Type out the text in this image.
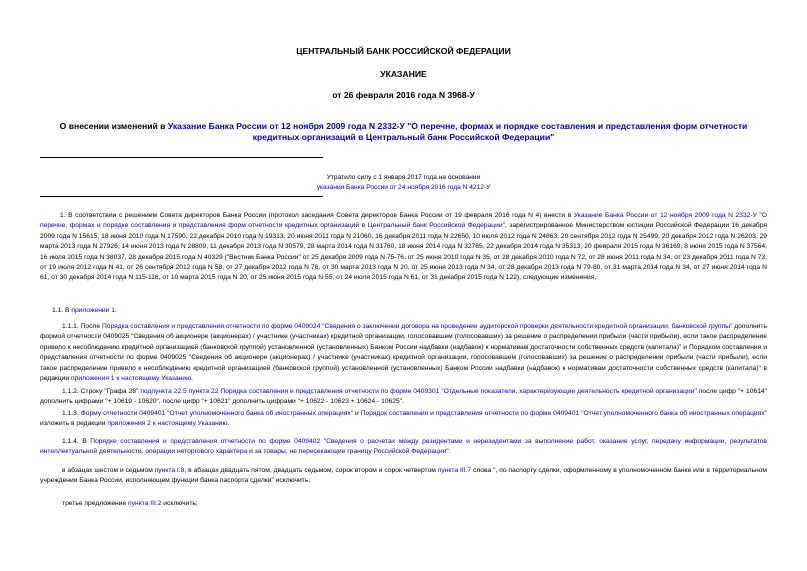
ЦЕНТРАЛЬНЫЙ БАНК РОССИЙСКОЙ ФЕДЕРАЦИИ
УКАЗАНИЕ
от 26 февраля 2016 года N 3968-У
О внесении изменений в Указание Банка России от 12 ноября 2009 года N 2332-У "О перечне, формах и порядке составления и представления форм отчетности кредитных организаций в Центральный банк Российской Федерации"
Утратило силу с 1 января 2017 года на основании
указания Банка России от 24 ноября 2016 года N 4212-У
1. В соответствии с решением Совета директоров Банка России (протокол заседания Совета директоров Банка России от 19 февраля 2016 года N 4) внести в Указание Банка России от 12 ноября 2009 года N 2332-У "О перечне, формах и порядке составления и представления форм отчетности кредитных организаций в Центральный банк Российской Федерации", зарегистрированное Министерством юстиции Российской Федерации 16 декабря 2009 года N 15615, 18 июня 2010 года N 17590, 22 декабря 2010 года N 19313, 20 июня 2011 года N 21060, 16 декабря 2011 года N 22650, 10 июля 2012 года N 24863, 20 сентября 2012 года N 25499, 20 декабря 2012 года N 26203, 29 марта 2013 года N 27926, 14 июня 2013 года N 28809, 11 декабря 2013 года N 30579, 28 марта 2014 года N 31760, 18 июня 2014 года N 32765, 22 декабря 2014 года N 35313, 20 февраля 2015 года N 36169, 8 июня 2015 года N 37564, 16 июля 2015 года N 38037, 28 декабря 2015 года N 40329 ("Вестник Банка России" от 25 декабря 2009 года N 75-76, от 25 июня 2010 года N 35, от 28 декабря 2010 года N 72, от 28 июня 2011 года N 34, от 23 декабря 2011 года N 73, от 19 июля 2012 года N 41, от 26 сентября 2012 года N 58, от 27 декабря 2012 года N 76, от 30 марта 2013 года N 20, от 25 июня 2013 года N 34, от 28 декабря 2013 года N 79-80, от 31 марта 2014 года N 34, от 27 июня 2014 года N 61, от 30 декабря 2014 года N 115-116, от 10 марта 2015 года N 20, от 25 июня 2015 года N 55, от 24 июля 2015 года N 61, от 31 декабря 2015 года N 122), следующие изменения.
1.1. В приложении 1:
1.1.1. После Порядка составления и представления отчетности по форме 0409024 "Сведения о заключении договора на проведение аудиторской проверки деятельности кредитной организации, банковской группы" дополнить формой отчетности 0409025 "Сведения об акционере (акционерах) / участнике (участниках) кредитной организации, голосовавшем (голосовавших) за решение о распределении прибыли (части прибыли), если такое распределение привело к несоблюдению кредитной организацией (банковской группой) установленной (установленных) Банком России надбавки (надбавок) к нормативам достаточности собственных средств (капитала)" и Порядком составления и представления отчетности по форме 0409025 "Сведения об акционере (акционерах) / участнике (участниках) кредитной организации, голосовавшем (голосовавших) за решение о распределении прибыли (части прибыли), если такое распределение привело к несоблюдению кредитной организацией (банковской группой) установленной (установленных) Банком России надбавки (надбавок) к нормативам достаточности собственных средств (капитала)" в редакции приложения 1 к настоящему Указанию.
1.1.2. Строку "Графа 28" подпункта 22.5 пункта 22 Порядка составления и представления отчетности по форме 0409301 "Отдельные показатели, характеризующие деятельность кредитной организации" после цифр "+ 10614" дополнить цифрами "+ 10619 - 10620", после цифр "+ 10621" дополнить цифрами "+ 10622 - 10623 + 10624 - 10625".
1.1.3. Форму отчетности 0409401 "Отчет уполномоченного банка об иностранных операциях" и Порядок составления и представления отчетности по форме 0409401 "Отчет уполномоченного банка об иностранных операциях" изложить в редакции приложения 2 к настоящему Указанию.
1.1.4. В Порядке составления и представления отчетности по форме 0409402 "Сведения о расчетах между резидентами и нерезидентами за выполнение работ, оказание услуг, передачу информации, результатов интеллектуальной деятельности, операции неторгового характера и за товары, не пересекающие границу Российской Федерации":
в абзацах шестом и седьмом пункта I.8, в абзацах двадцать пятом, двадцать седьмом, сорок втором и сорок четвертом пункта III.7 слова ", по паспорту сделки, оформленному в уполномоченном банке или в территориальном учреждении Банка России, исполняющем функции банка паспорта сделки" исключить;
третье предложение пункта III.2 исключить;
